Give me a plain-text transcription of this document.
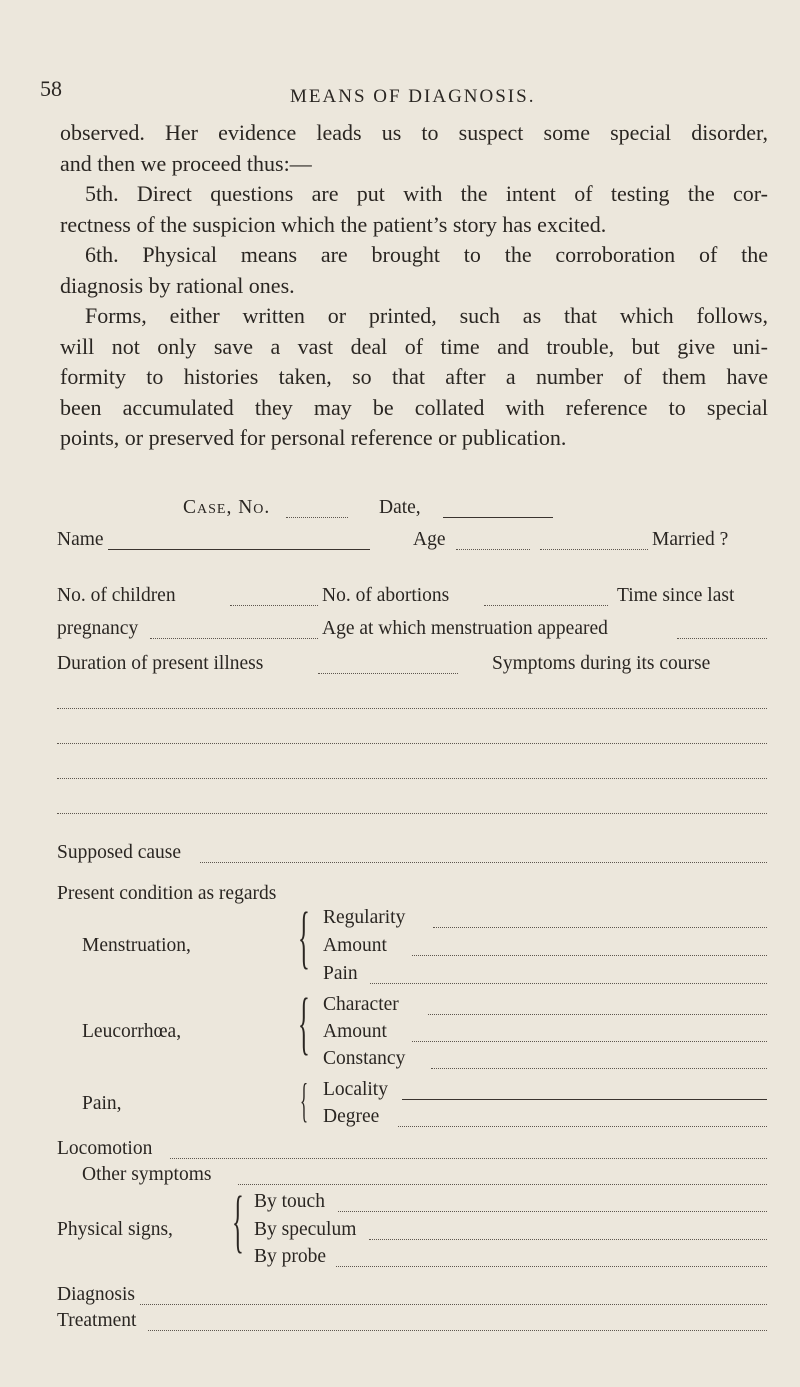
58	MEANS OF DIAGNOSIS.

observed. Her evidence leads us to suspect some special disorder,

and then we proceed thus:—

5th. Direct questions are put with the intent of testing the cor-

rectness of the suspicion which the patient’s story has excited.

6th. Physical means are brought to the corroboration of the

diagnosis by rational ones.

Forms, either written or printed, such as that which follows,

will not only save a vast deal of time and trouble, but give uni-

formity to histories taken, so that after a number of them have

been accumulated they may be collated with reference to special

points, or preserved for personal reference or publication.

Case, No.	Date,
Name	Age	Married ?
No. of children	No. of abortions	Time since last
pregnancy	Age at which menstruation appeared
Duration of present illness	Symptoms during its course
Supposed cause
Present condition as regards
Menstruation, { Regularity
Amount
Pain
Leucorrhœa, { Character
Amount
Constancy
Pain,	{ Locality
Degree
Locomotion
Other symptoms
Physical signs, { By touch
By speculum
By probe
Diagnosis
Treatment
